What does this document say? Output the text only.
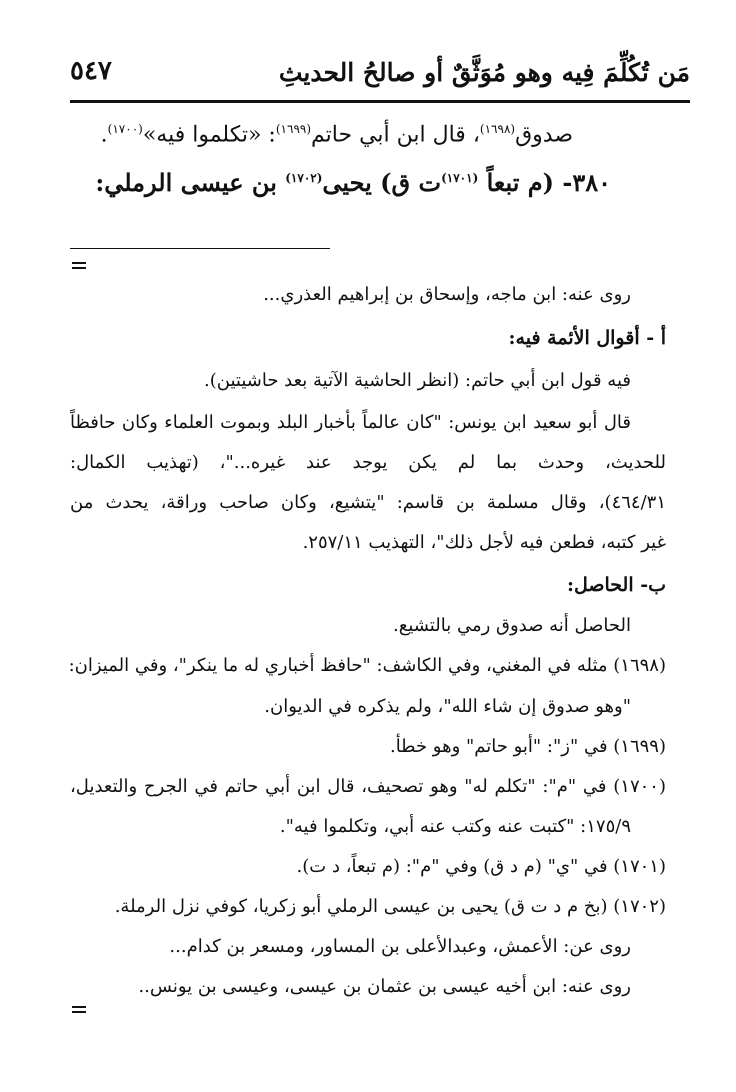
مَن تُكُلِّمَ فِيه وهو مُوَثَّقٌ أو صالحُ الحديثِ
٥٤٧
صدوق$^{(١٦٩٨)}$، قال ابن أبي حاتم$^{(١٦٩٩)}$: «تكلموا فيه»$^{(١٧٠٠)}$.
٣٨٠- (م تبعاً $^{(١٧٠١)}$ت ق) يحيى$^{(١٧٠٢)}$ بن عيسى الرملي:
روى عنه: ابن ماجه، وإسحاق بن إبراهيم العذري...
أ - أقوال الأئمة فيه:
فيه قول ابن أبي حاتم: (انظر الحاشية الآتية بعد حاشيتين).
قال أبو سعيد ابن يونس: "كان عالماً بأخبار البلد وبموت العلماء وكان حافظاً
للحديث، وحدث بما لم يكن يوجد عند غيره..."، (تهذيب الكمال:
٤٦٤/٣١)، وقال مسلمة بن قاسم: "يتشيع، وكان صاحب وراقة، يحدث من
غير كتبه، فطعن فيه لأجل ذلك"، التهذيب ٢٥٧/١١.
ب- الحاصل:
الحاصل أنه صدوق رمي بالتشيع.
(١٦٩٨) مثله في المغني، وفي الكاشف: "حافظ أخباري له ما ينكر"، وفي الميزان:
"وهو صدوق إن شاء الله"، ولم يذكره في الديوان.
(١٦٩٩) في "ز": "أبو حاتم" وهو خطأ.
(١٧٠٠) في "م": "تكلم له" وهو تصحيف، قال ابن أبي حاتم في الجرح والتعديل،
١٧٥/٩: "كتبت عنه وكتب عنه أبي، وتكلموا فيه".
(١٧٠١) في "ي" (م د ق) وفي "م": (م تبعاً، د ت).
(١٧٠٢) (بخ م د ت ق) يحيى بن عيسى الرملي أبو زكريا، كوفي نزل الرملة.
روى عن: الأعمش، وعبدالأعلى بن المساور، ومسعر بن كدام...
روى عنه: ابن أخيه عيسى بن عثمان بن عيسى، وعيسى بن يونس..
